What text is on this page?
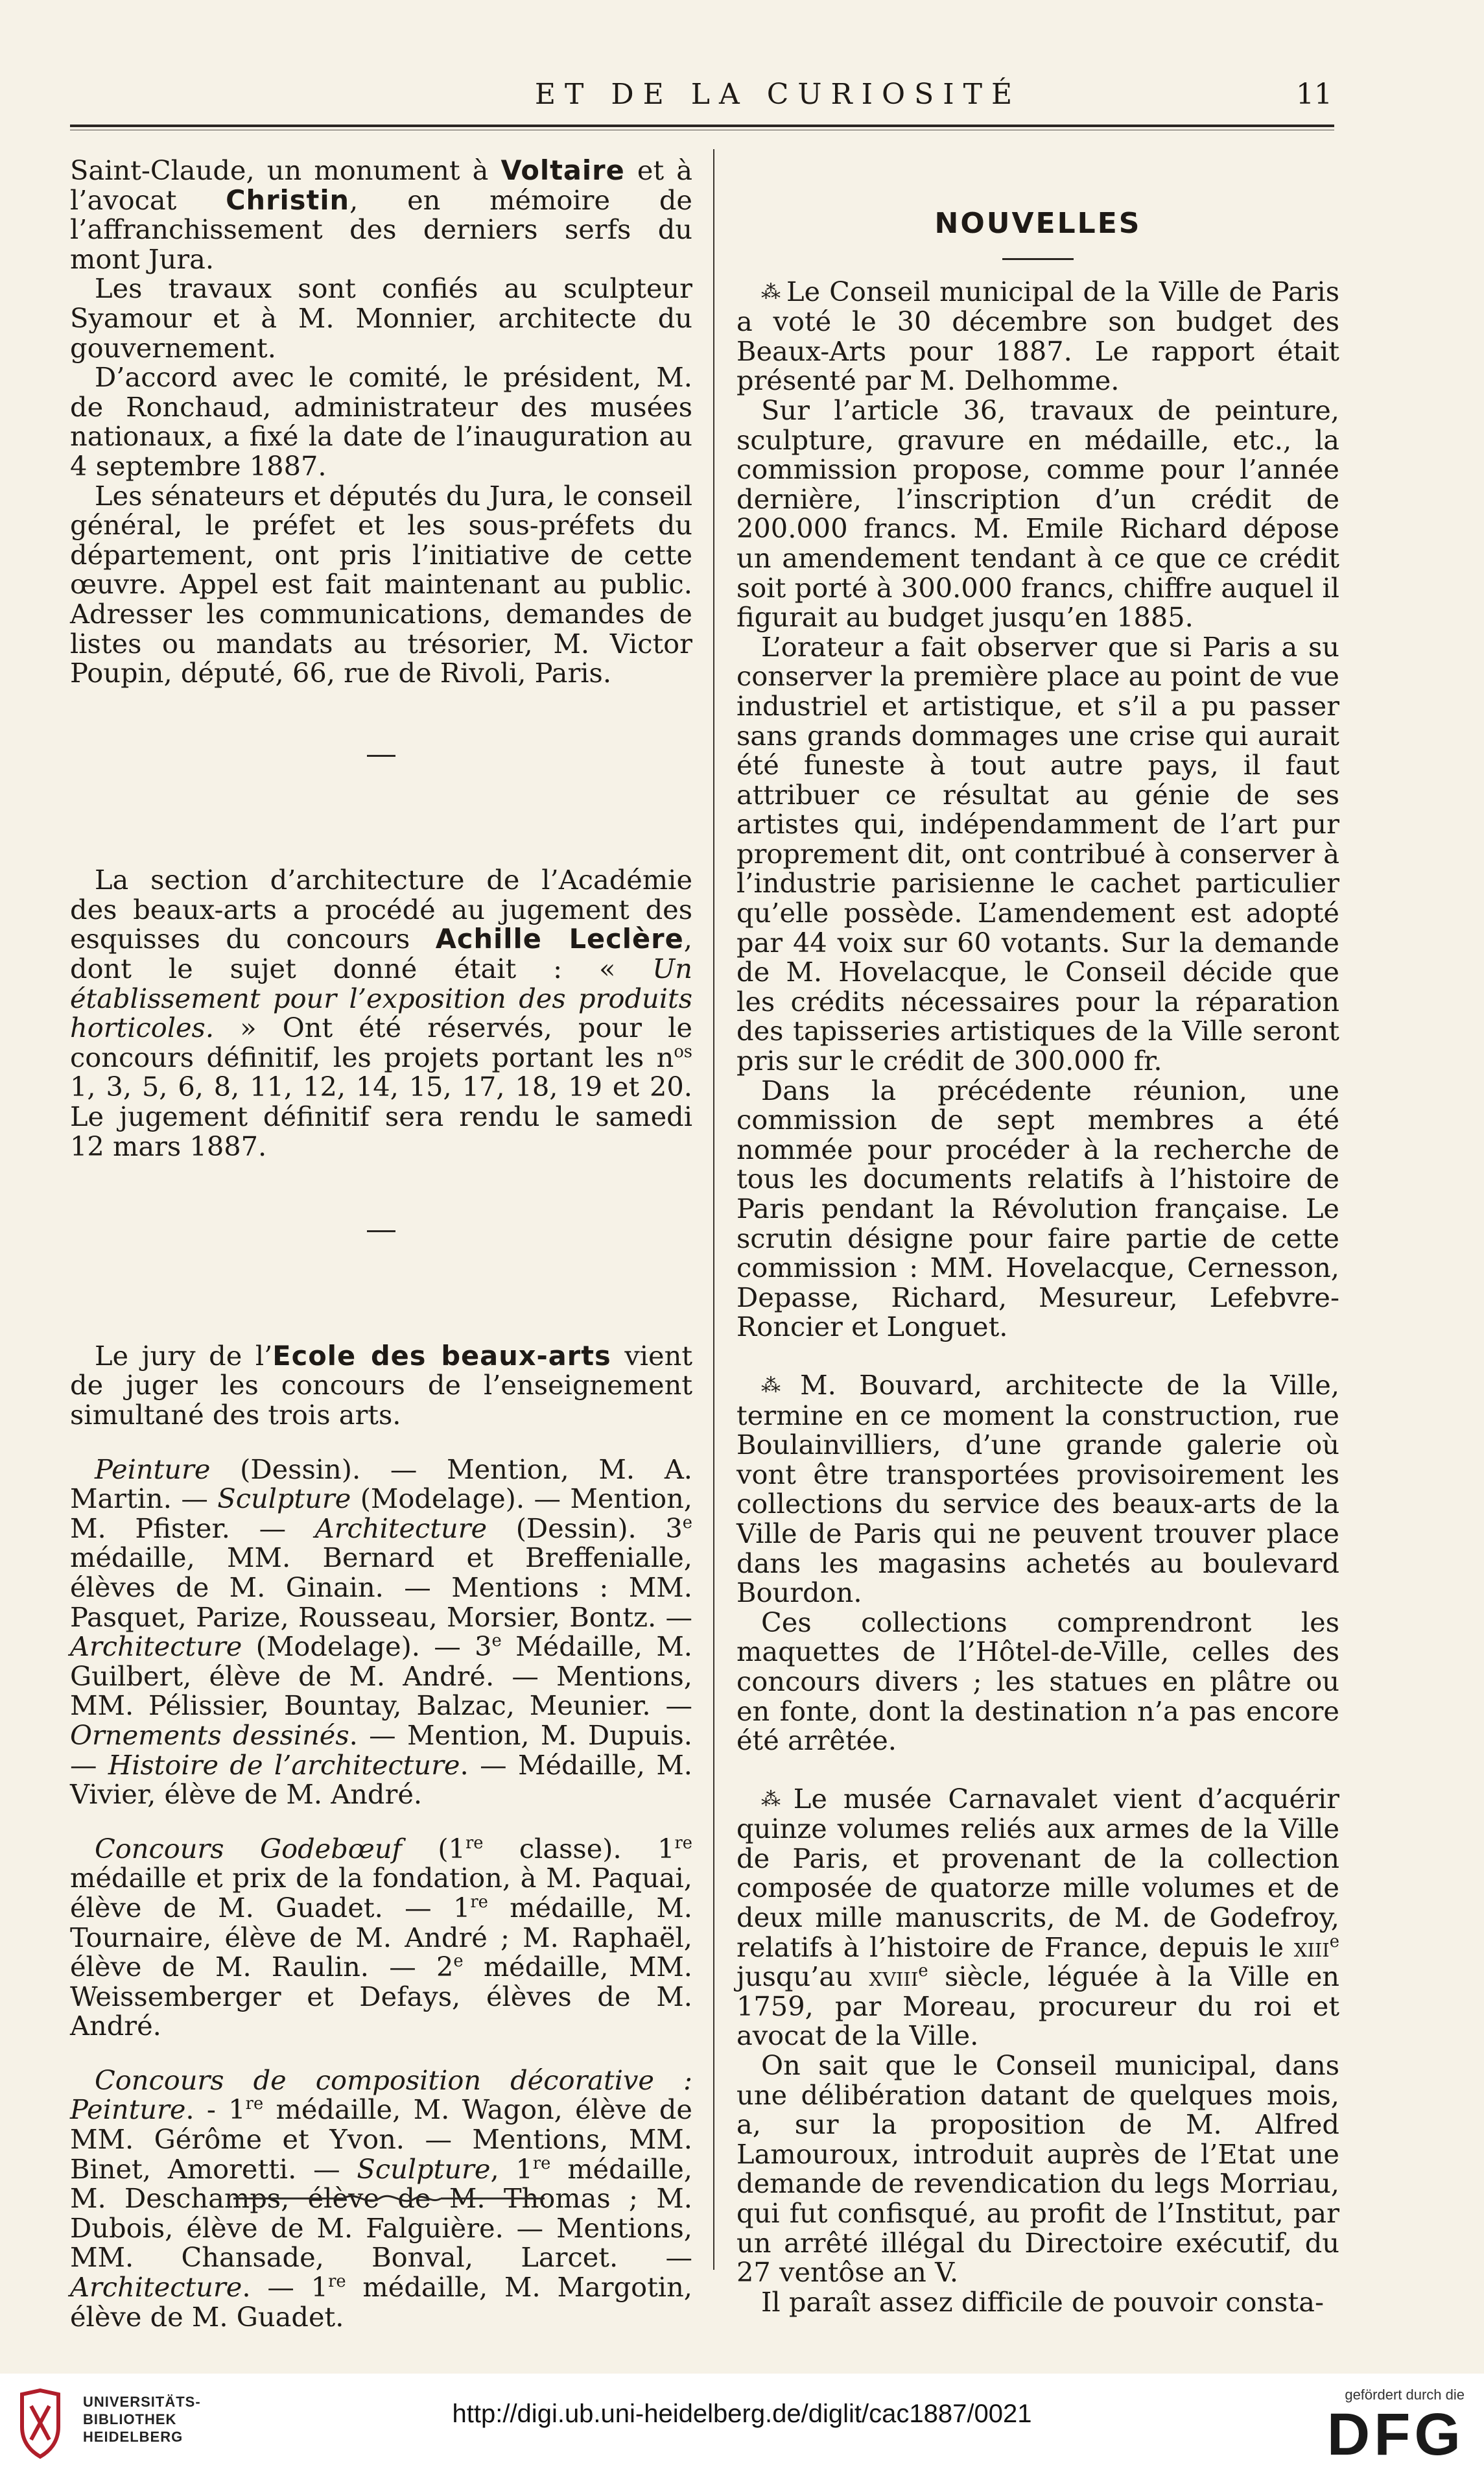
ET DE LA CURIOSITÉ	11

Saint-Claude, un monument à Voltaire et à l’avocat Christin, en mémoire de l’affranchissement des derniers serfs du mont Jura.

Les travaux sont confiés au sculpteur Syamour et à M. Monnier, architecte du gouvernement.

D’accord avec le comité, le président, M. de Ronchaud, administrateur des musées nationaux, a fixé la date de l’inauguration au 4 septembre 1887.

Les sénateurs et députés du Jura, le conseil général, le préfet et les sous-préfets du département, ont pris l’initiative de cette œuvre. Appel est fait maintenant au public. Adresser les communications, demandes de listes ou mandats au trésorier, M. Victor Poupin, député, 66, rue de Rivoli, Paris.

La section d’architecture de l’Académie des beaux-arts a procédé au jugement des esquisses du concours Achille Leclère, dont le sujet donné était : « Un établissement pour l’exposition des produits horticoles. » Ont été réservés, pour le concours définitif, les projets portant les $n^{os}$ 1, 3, 5, 6, 8, 11, 12, 14, 15, 17, 18, 19 et 20. Le jugement définitif sera rendu le samedi 12 mars 1887.

Le jury de l’Ecole des beaux-arts vient de juger les concours de l’enseignement simultané des trois arts.

Peinture (Dessin). — Mention, M. A. Martin. — Sculpture (Modelage). — Mention, M. Pfister. — Architecture (Dessin). 3e médaille, MM. Bernard et Breffenialle, élèves de M. Ginain. — Mentions : MM. Pasquet, Parize, Rousseau, Morsier, Bontz. — Architecture (Modelage). — 3e Médaille, M. Guilbert, élève de M. André. — Mentions, MM. Pélissier, Bountay, Balzac, Meunier. — Ornements dessinés. — Mention, M. Dupuis. — Histoire de l’architecture. — Médaille, M. Vivier, élève de M. André.

Concours Godebœuf (1re classe). 1re médaille et prix de la fondation, à M. Paquai, élève de M. Guadet. — 1re médaille, M. Tournaire, élève de M. André ; M. Raphaël, élève de M. Raulin. — 2e médaille, MM. Weissemberger et Defays, élèves de M. André.

Concours de composition décorative : Peinture. - 1re médaille, M. Wagon, élève de MM. Gérôme et Yvon. — Mentions, MM. Binet, Amoretti. — Sculpture, 1re médaille, M. Deschamps, élève de M. Thomas ; M. Dubois, élève de M. Falguière. — Mentions, MM. Chansade, Bonval, Larcet. — Architecture. — 1re médaille, M. Margotin, élève de M. Guadet.

NOUVELLES

⁂ Le Conseil municipal de la Ville de Paris a voté le 30 décembre son budget des Beaux-Arts pour 1887. Le rapport était présenté par M. Delhomme.

Sur l’article 36, travaux de peinture, sculpture, gravure en médaille, etc., la commission propose, comme pour l’année dernière, l’inscription d’un crédit de 200.000 francs. M. Emile Richard dépose un amendement tendant à ce que ce crédit soit porté à 300.000 francs, chiffre auquel il figurait au budget jusqu’en 1885.

L’orateur a fait observer que si Paris a su conserver la première place au point de vue industriel et artistique, et s’il a pu passer sans grands dommages une crise qui aurait été funeste à tout autre pays, il faut attribuer ce résultat au génie de ses artistes qui, indépendamment de l’art pur proprement dit, ont contribué à conserver à l’industrie parisienne le cachet particulier qu’elle possède. L’amendement est adopté par 44 voix sur 60 votants. Sur la demande de M. Hovelacque, le Conseil décide que les crédits nécessaires pour la réparation des tapisseries artistiques de la Ville seront pris sur le crédit de 300.000 fr.

Dans la précédente réunion, une commission de sept membres a été nommée pour procéder à la recherche de tous les documents relatifs à l’histoire de Paris pendant la Révolution française. Le scrutin désigne pour faire partie de cette commission : MM. Hovelacque, Cernesson, Depasse, Richard, Mesureur, Lefebvre-Roncier et Longuet.

⁂ M. Bouvard, architecte de la Ville, termine en ce moment la construction, rue Boulainvilliers, d’une grande galerie où vont être transportées provisoirement les collections du service des beaux-arts de la Ville de Paris qui ne peuvent trouver place dans les magasins achetés au boulevard Bourdon.

Ces collections comprendront les maquettes de l’Hôtel-de-Ville, celles des concours divers ; les statues en plâtre ou en fonte, dont la destination n’a pas encore été arrêtée.

⁂ Le musée Carnavalet vient d’acquérir quinze volumes reliés aux armes de la Ville de Paris, et provenant de la collection composée de quatorze mille volumes et de deux mille manuscrits, de M. de Godefroy, relatifs à l’histoire de France, depuis le xiii$^e$ jusqu’au xviii$^e$ siècle, léguée à la Ville en 1759, par Moreau, procureur du roi et avocat de la Ville.

On sait que le Conseil municipal, dans une délibération datant de quelques mois, a, sur la proposition de M. Alfred Lamouroux, introduit auprès de l’Etat une demande de revendication du legs Morriau, qui fut confisqué, au profit de l’Institut, par un arrêté illégal du Directoire exécutif, du 27 ventôse an V.

Il paraît assez difficile de pouvoir consta-

UNIVERSITÄTS-
BIBLIOTHEK
HEIDELBERG
http://digi.ub.uni-heidelberg.de/diglit/cac1887/0021
gefördert durch die
DFG
